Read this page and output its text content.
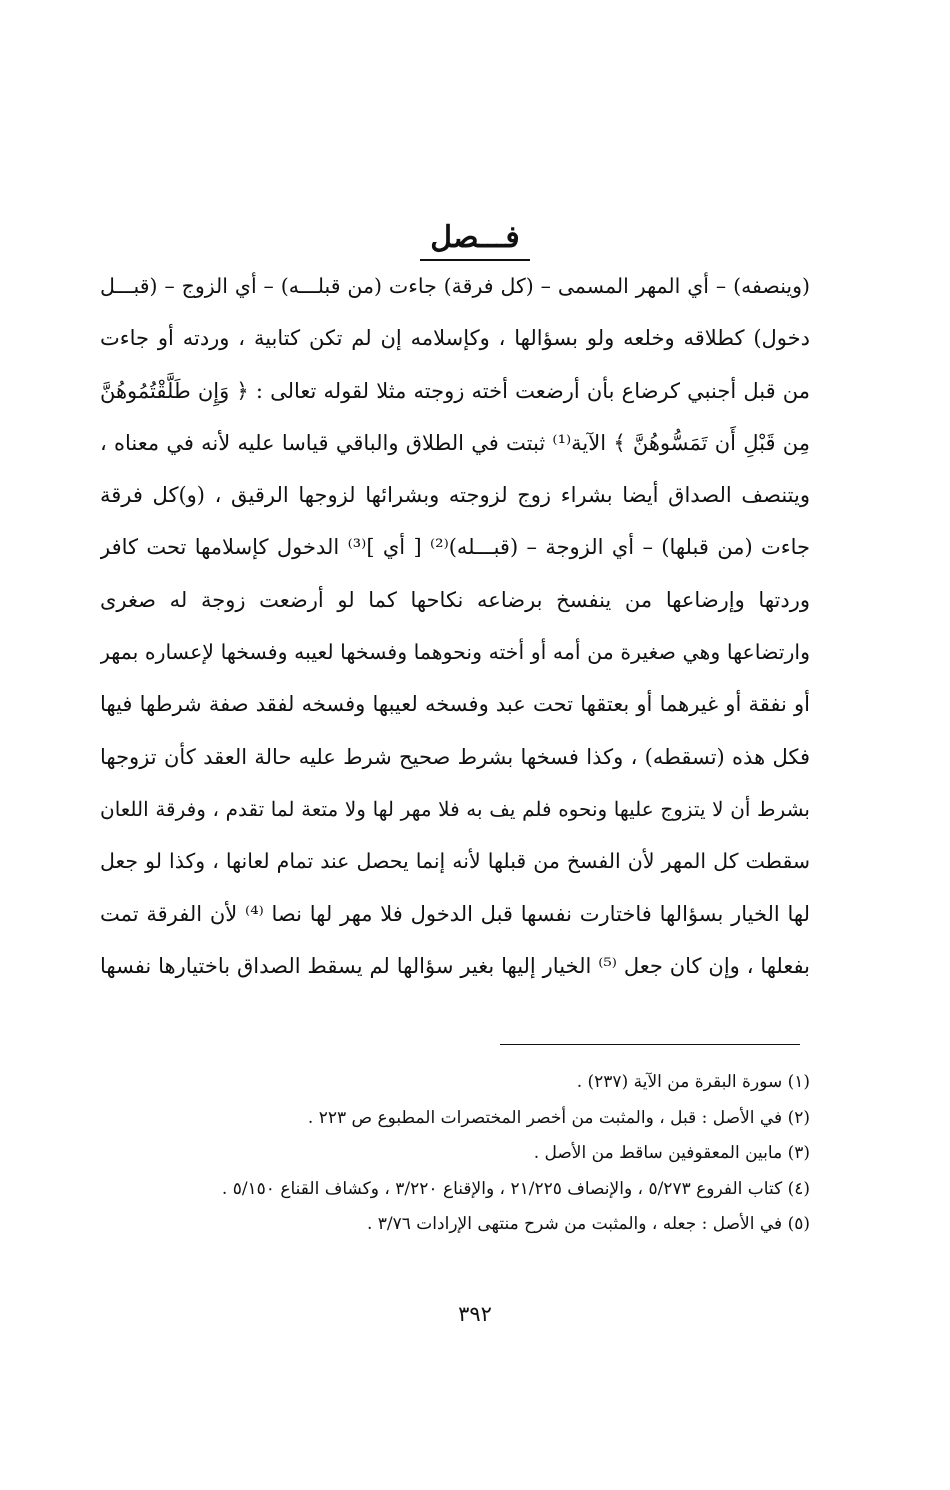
فـــصل
(وينصفه) – أي المهر المسمى – (كل فرقة) جاءت (من قبلـــه) – أي الزوج – (قبـــل
دخول) كطلاقه وخلعه ولو بسؤالها ، وكإسلامه إن لم تكن كتابية ، وردته أو جاءت
من قبل أجنبي كرضاع بأن أرضعت أخته زوجته مثلا لقوله تعالى : ﴿ وَإِن طَلَّقْتُمُوهُنَّ
مِن قَبْلِ أَن تَمَسُّوهُنَّ ﴾ الآية⁽¹⁾ ثبتت في الطلاق والباقي قياسا عليه لأنه في معناه ،
ويتنصف الصداق أيضا بشراء زوج لزوجته وبشرائها لزوجها الرقيق ، (و)كل فرقة
جاءت (من قبلها) – أي الزوجة – (قبـــله)⁽²⁾ [ أي ]⁽³⁾ الدخول كإسلامها تحت كافر
وردتها وإرضاعها من ينفسخ برضاعه نكاحها كما لو أرضعت زوجة له صغرى
وارتضاعها وهي صغيرة من أمه أو أخته ونحوهما وفسخها لعيبه وفسخها لإعساره بمهر
أو نفقة أو غيرهما أو بعتقها تحت عبد وفسخه لعيبها وفسخه لفقد صفة شرطها فيها
فكل هذه (تسقطه) ، وكذا فسخها بشرط صحيح شرط عليه حالة العقد كأن تزوجها
بشرط أن لا يتزوج عليها ونحوه فلم يف به فلا مهر لها ولا متعة لما تقدم ، وفرقة اللعان
سقطت كل المهر لأن الفسخ من قبلها لأنه إنما يحصل عند تمام لعانها ، وكذا لو جعل
لها الخيار بسؤالها فاختارت نفسها قبل الدخول فلا مهر لها نصا ⁽⁴⁾ لأن الفرقة تمت
بفعلها ، وإن كان جعل ⁽⁵⁾ الخيار إليها بغير سؤالها لم يسقط الصداق باختيارها نفسها
(١) سورة البقرة من الآية (٢٣٧) .
(٢) في الأصل : قبل ، والمثبت من أخصر المختصرات المطبوع ص ٢٢٣ .
(٣) مابين المعقوفين ساقط من الأصل .
(٤) كتاب الفروع ٥/٢٧٣ ، والإنصاف ٢١/٢٢٥ ، والإقناع ٣/٢٢٠ ، وكشاف القناع ٥/١٥٠ .
(٥) في الأصل : جعله ، والمثبت من شرح منتهى الإرادات ٣/٧٦ .
٣٩٢
